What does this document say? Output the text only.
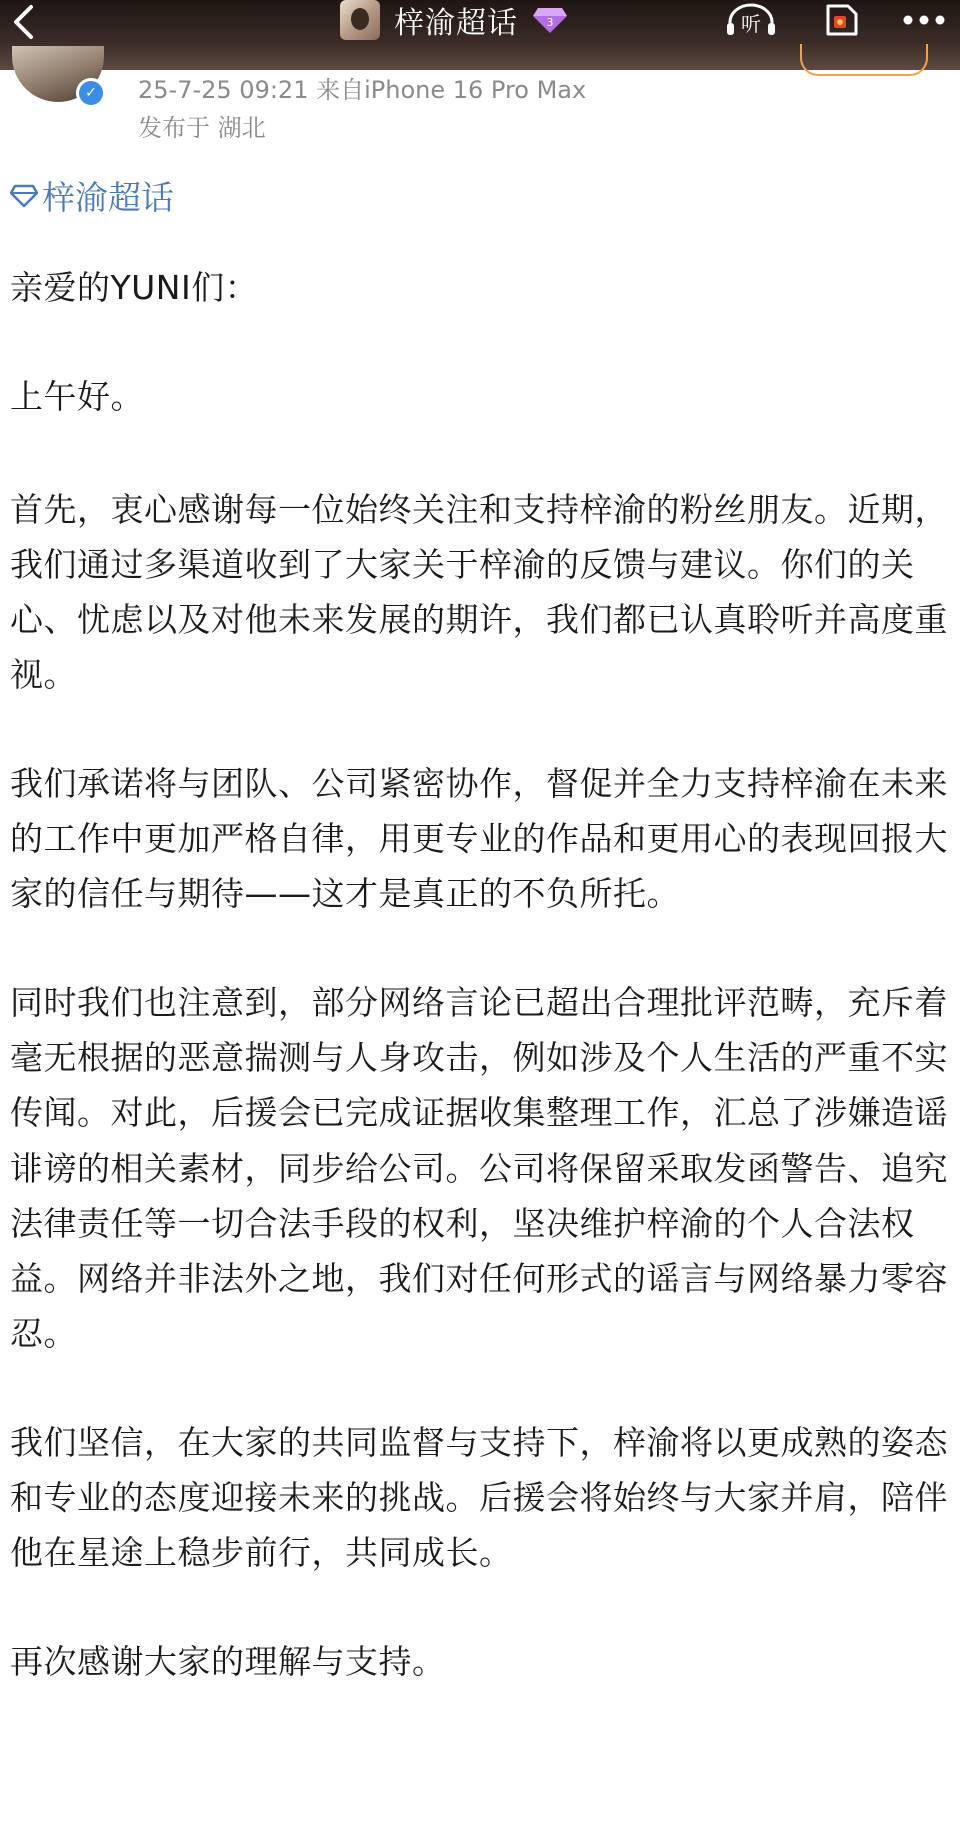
梓渝超话	3	听
✓	25-7-25 09:21 来自iPhone 16 Pro Max
发布于 湖北
梓渝超话

亲爱的YUNI们：

上午好。

首先，衷心感谢每一位始终关注和支持梓渝的粉丝朋友。近期，我们通过多渠道收到了大家关于梓渝的反馈与建议。你们的关心、忧虑以及对他未来发展的期许，我们都已认真聆听并高度重视。

我们承诺将与团队、公司紧密协作，督促并全力支持梓渝在未来的工作中更加严格自律，用更专业的作品和更用心的表现回报大家的信任与期待——这才是真正的不负所托。

同时我们也注意到，部分网络言论已超出合理批评范畴，充斥着毫无根据的恶意揣测与人身攻击，例如涉及个人生活的严重不实传闻。对此，后援会已完成证据收集整理工作，汇总了涉嫌造谣诽谤的相关素材，同步给公司。公司将保留采取发函警告、追究法律责任等一切合法手段的权利，坚决维护梓渝的个人合法权益。网络并非法外之地，我们对任何形式的谣言与网络暴力零容忍。

我们坚信，在大家的共同监督与支持下，梓渝将以更成熟的姿态和专业的态度迎接未来的挑战。后援会将始终与大家并肩，陪伴他在星途上稳步前行，共同成长。

再次感谢大家的理解与支持。
